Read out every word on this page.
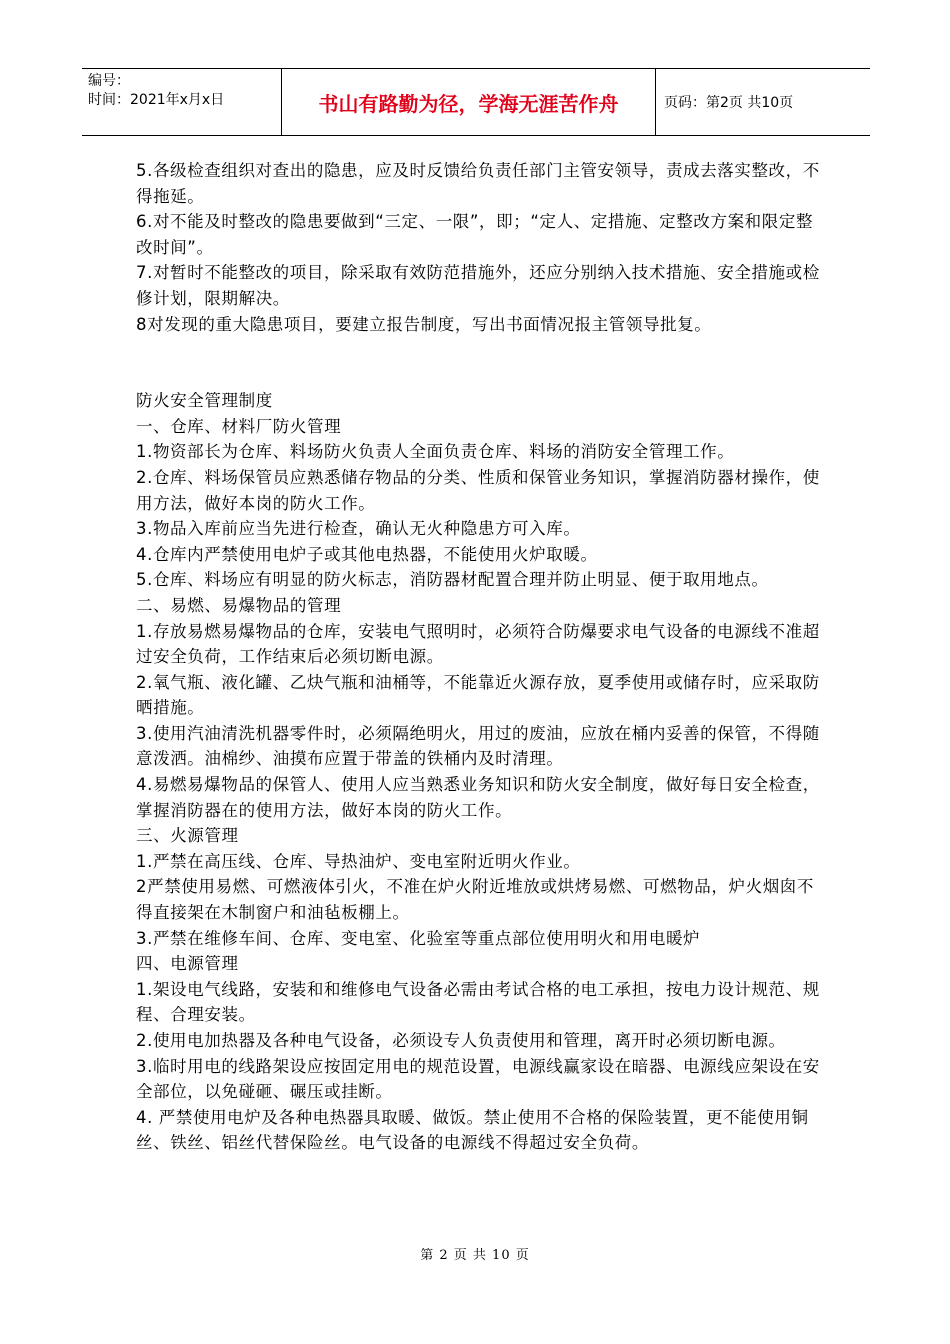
编号：
时间：2021年x月x日	书山有路勤为径，学海无涯苦作舟	页码：第2页 共10页

5.各级检查组织对查出的隐患，应及时反馈给负责任部门主管安领导，责成去落实整改，不得拖延。

6.对不能及时整改的隐患要做到“三定、一限”，即；“定人、定措施、定整改方案和限定整改时间”。

7.对暂时不能整改的项目，除采取有效防范措施外，还应分别纳入技术措施、安全措施或检修计划，限期解决。

8对发现的重大隐患项目，要建立报告制度，写出书面情况报主管领导批复。

防火安全管理制度

一、仓库、材料厂防火管理

1.物资部长为仓库、料场防火负责人全面负责仓库、料场的消防安全管理工作。

2.仓库、料场保管员应熟悉储存物品的分类、性质和保管业务知识，掌握消防器材操作，使用方法，做好本岗的防火工作。

3.物品入库前应当先进行检查，确认无火种隐患方可入库。

4.仓库内严禁使用电炉子或其他电热器，不能使用火炉取暖。

5.仓库、料场应有明显的防火标志，消防器材配置合理并防止明显、便于取用地点。

二、易燃、易爆物品的管理

1.存放易燃易爆物品的仓库，安装电气照明时，必须符合防爆要求电气设备的电源线不准超过安全负荷，工作结束后必须切断电源。

2.氧气瓶、液化罐、乙炔气瓶和油桶等，不能靠近火源存放，夏季使用或储存时，应采取防晒措施。

3.使用汽油清洗机器零件时，必须隔绝明火，用过的废油，应放在桶内妥善的保管，不得随意泼洒。油棉纱、油摸布应置于带盖的铁桶内及时清理。

4.易燃易爆物品的保管人、使用人应当熟悉业务知识和防火安全制度，做好每日安全检查，掌握消防器在的使用方法，做好本岗的防火工作。

三、火源管理

1.严禁在高压线、仓库、导热油炉、变电室附近明火作业。

2严禁使用易燃、可燃液体引火，不准在炉火附近堆放或烘烤易燃、可燃物品，炉火烟囱不得直接架在木制窗户和油毡板棚上。

3.严禁在维修车间、仓库、变电室、化验室等重点部位使用明火和用电暖炉

四、电源管理

1.架设电气线路，安装和和维修电气设备必需由考试合格的电工承担，按电力设计规范、规程、合理安装。

2.使用电加热器及各种电气设备，必须设专人负责使用和管理，离开时必须切断电源。

3.临时用电的线路架设应按固定用电的规范设置，电源线赢家设在暗器、电源线应架设在安全部位，以免碰砸、碾压或挂断。

4. 严禁使用电炉及各种电热器具取暖、做饭。禁止使用不合格的保险装置，更不能使用铜丝、铁丝、铝丝代替保险丝。电气设备的电源线不得超过安全负荷。

第 2 页 共 10 页
